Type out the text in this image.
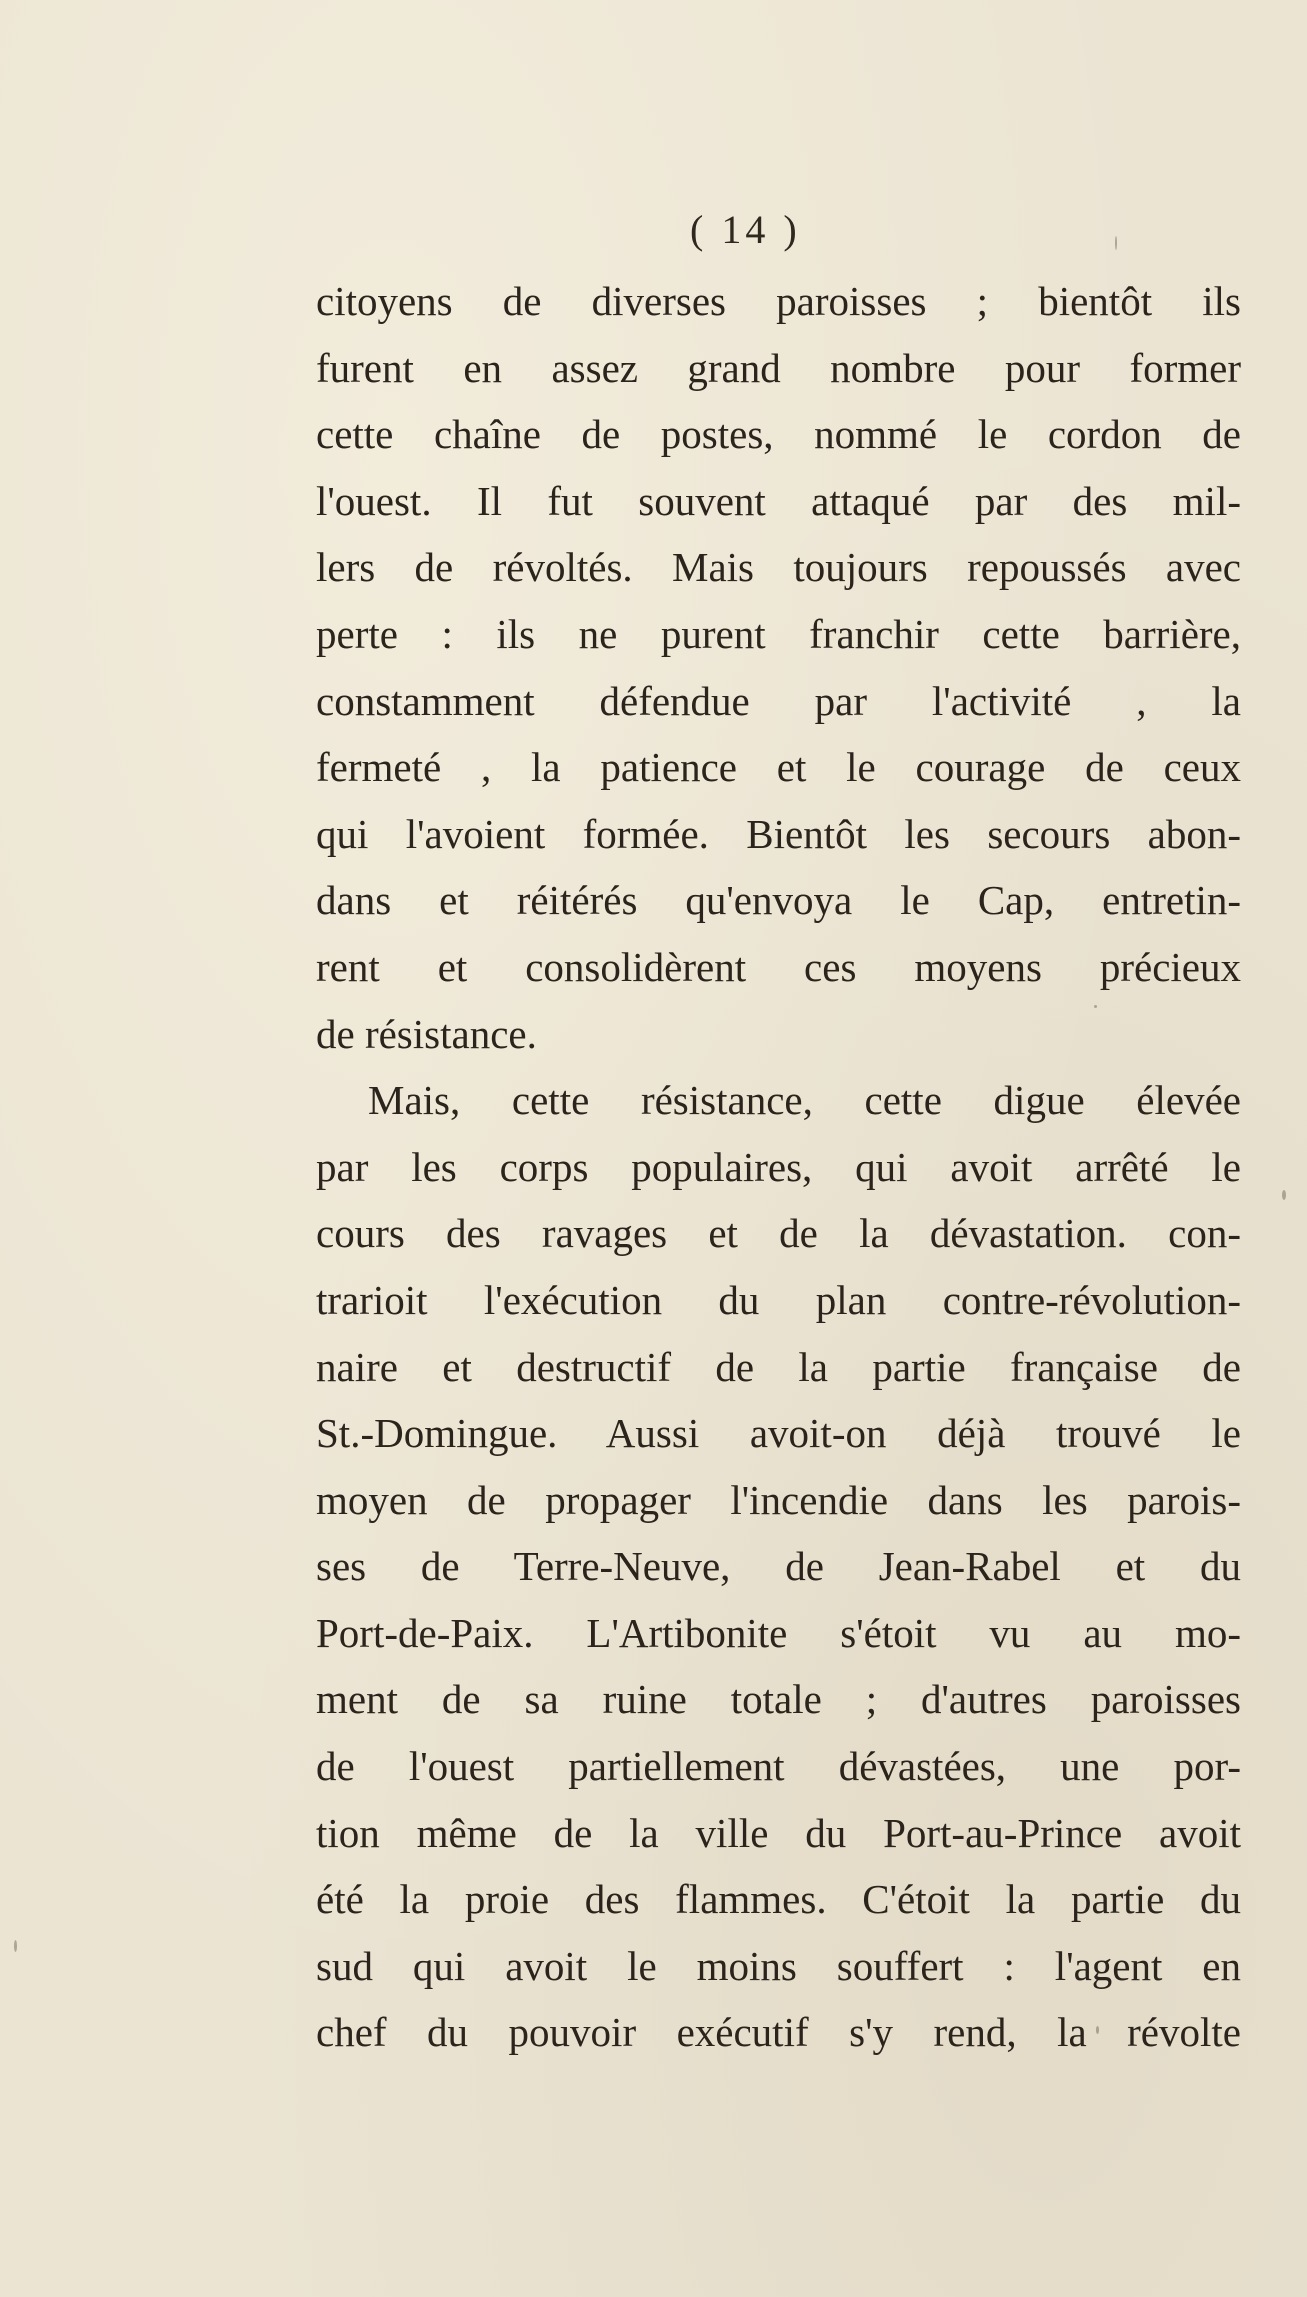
( 14 )
citoyens de diverses paroisses ; bientôt ils
furent en assez grand nombre pour former
cette chaîne de postes, nommé le cordon de
l'ouest. Il fut souvent attaqué par des mil-
lers de révoltés. Mais toujours repoussés avec
perte : ils ne purent franchir cette barrière,
constamment défendue par l'activité , la
fermeté , la patience et le courage de ceux
qui l'avoient formée. Bientôt les secours abon-
dans et réitérés qu'envoya le Cap, entretin-
rent et consolidèrent ces moyens précieux
de résistance.
Mais, cette résistance, cette digue élevée
par les corps populaires, qui avoit arrêté le
cours des ravages et de la dévastation. con-
trarioit l'exécution du plan contre-révolution-
naire et destructif de la partie française de
St.-Domingue. Aussi avoit-on déjà trouvé le
moyen de propager l'incendie dans les parois-
ses de Terre-Neuve, de Jean-Rabel et du
Port-de-Paix. L'Artibonite s'étoit vu au mo-
ment de sa ruine totale ; d'autres paroisses
de l'ouest partiellement dévastées, une por-
tion même de la ville du Port-au-Prince avoit
été la proie des flammes. C'étoit la partie du
sud qui avoit le moins souffert : l'agent en
chef du pouvoir exécutif s'y rend, la révolte
